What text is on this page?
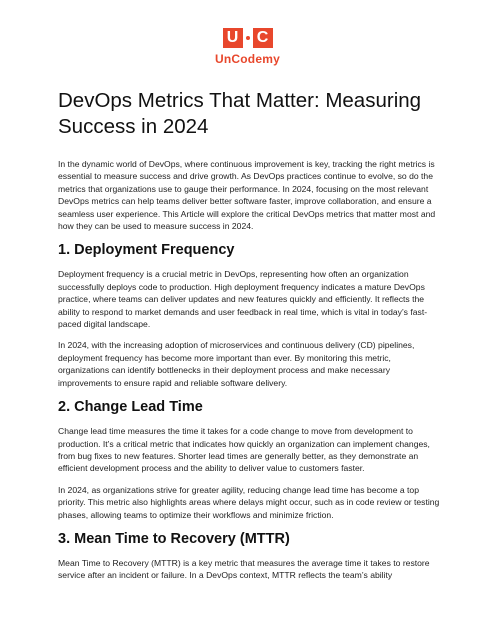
U C
UnCodemy
DevOps Metrics That Matter: Measuring Success in 2024

In the dynamic world of DevOps, where continuous improvement is key, tracking the right metrics is essential to measure success and drive growth. As DevOps practices continue to evolve, so do the metrics that organizations use to gauge their performance. In 2024, focusing on the most relevant DevOps metrics can help teams deliver better software faster, improve collaboration, and ensure a seamless user experience. This Article will explore the critical DevOps metrics that matter most and how they can be used to measure success in 2024.

1. Deployment Frequency

Deployment frequency is a crucial metric in DevOps, representing how often an organization successfully deploys code to production. High deployment frequency indicates a mature DevOps practice, where teams can deliver updates and new features quickly and efficiently. It reflects the ability to respond to market demands and user feedback in real time, which is vital in today’s fast-paced digital landscape.

In 2024, with the increasing adoption of microservices and continuous delivery (CD) pipelines, deployment frequency has become more important than ever. By monitoring this metric, organizations can identify bottlenecks in their deployment process and make necessary improvements to ensure rapid and reliable software delivery.

2. Change Lead Time

Change lead time measures the time it takes for a code change to move from development to production. It’s a critical metric that indicates how quickly an organization can implement changes, from bug fixes to new features. Shorter lead times are generally better, as they demonstrate an efficient development process and the ability to deliver value to customers faster.

In 2024, as organizations strive for greater agility, reducing change lead time has become a top priority. This metric also highlights areas where delays might occur, such as in code review or testing phases, allowing teams to optimize their workflows and minimize friction.

3. Mean Time to Recovery (MTTR)

Mean Time to Recovery (MTTR) is a key metric that measures the average time it takes to restore service after an incident or failure. In a DevOps context, MTTR reflects the team’s ability
